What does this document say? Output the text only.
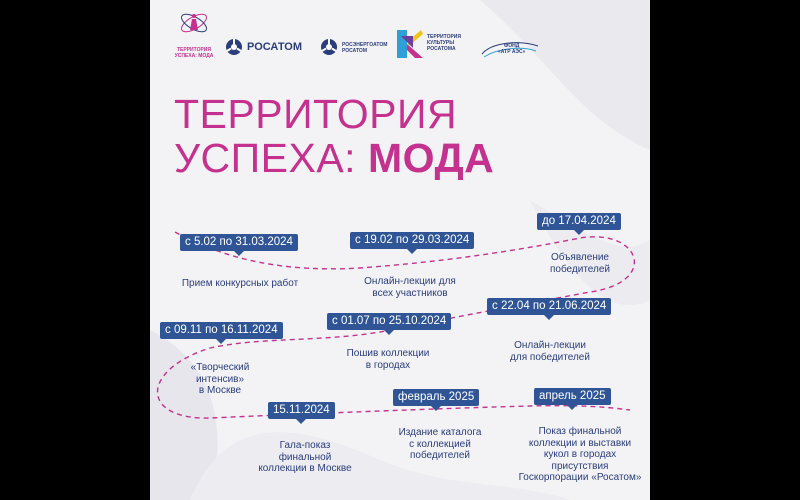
ТЕРРИТОРИЯ
УСПЕХА: МОДА
РОСАТОМ	РОСЭНЕРГОАТОМ
РОСАТОМ
ТЕРРИТОРИЯ
КУЛЬТУРЫ
РОСАТОМА	ФОНД
«АТР АЭС»
ТЕРРИТОРИЯ
УСПЕХА: МОДА
с 5.02 по 31.03.2024
Прием конкурсных работ
с 19.02 по 29.03.2024
Онлайн-лекции для
всех участников
до 17.04.2024
Объявление
победителей
с 22.04 по 21.06.2024
Онлайн-лекции
для победителей
с 01.07 по 25.10.2024
Пошив коллекции
в городах
с 09.11 по 16.11.2024
«Творческий
интенсив»
в Москве
15.11.2024
Гала-показ
финальной
коллекции в Москве
февраль 2025
Издание каталога
с коллекцией
победителей
апрель 2025
Показ финальной
коллекции и выставки
кукол в городах
присутствия
Госкорпорации «Росатом»
